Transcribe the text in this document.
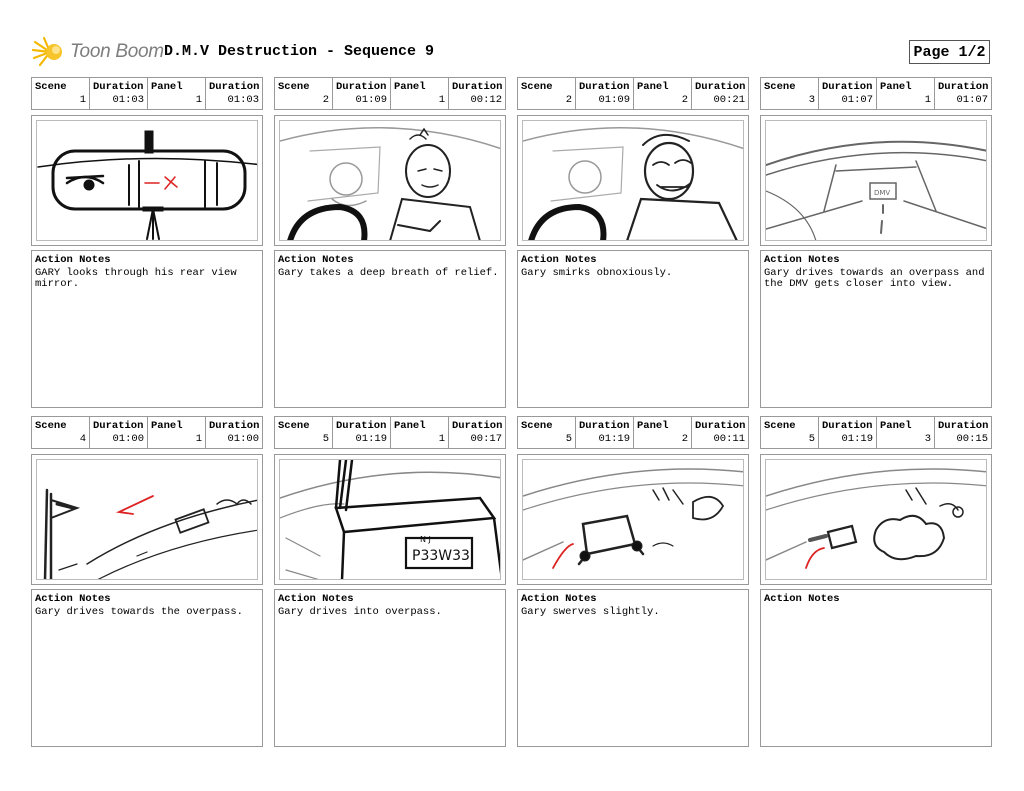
Toon Boom D.M.V Destruction - Sequence 9	Page 1/2
Scene
1
Duration
01:03
Panel
1
Duration
01:03
Action Notes
GARY looks through his rear view mirror.
Scene
2
Duration
01:09
Panel
1
Duration
00:12
Action Notes
Gary takes a deep breath of relief.
Scene
2
Duration
01:09
Panel
2
Duration
00:21
Action Notes
Gary smirks obnoxiously.
Scene
3
Duration
01:07
Panel
1
Duration
01:07
DMV
Action Notes
Gary drives towards an overpass and the DMV gets closer into view.
Scene
4
Duration
01:00
Panel
1
Duration
01:00
Action Notes
Gary drives towards the overpass.
Scene
5
Duration
01:19
Panel
1
Duration
00:17
N J
P33W33
Action Notes
Gary drives into overpass.
Scene
5
Duration
01:19
Panel
2
Duration
00:11
Action Notes
Gary swerves slightly.
Scene
5
Duration
01:19
Panel
3
Duration
00:15
Action Notes
